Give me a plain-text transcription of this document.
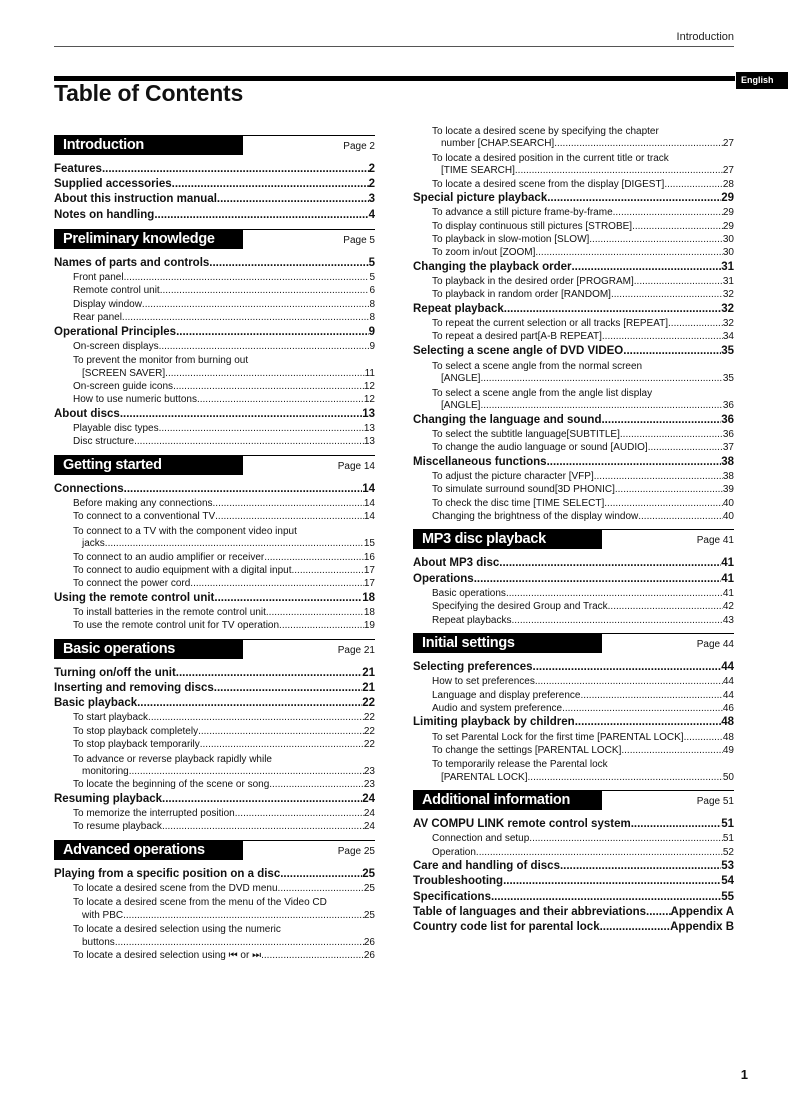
Introduction
English
Table of Contents
Introduction	Page 2
Features .....	2
Supplied accessories .....	2
About this instruction manual .....	3
Notes on handling .....	4
Preliminary knowledge	Page 5
Names of parts and controls .....	5
Front panel .....	5
Remote control unit .....	6
Display window .....	8
Rear panel .....	8
Operational Principles .....	9
On-screen displays .....	9
To prevent the monitor from burning out
[SCREEN SAVER] .....	11
On-screen guide icons .....	12
How to use numeric buttons .....	12
About discs .....	13
Playable disc types .....	13
Disc structure .....	13
Getting started	Page 14
Connections .....	14
Before making any connections .....	14
To connect to a conventional TV .....	14
To connect to a TV with the component video input
jacks .....	15
To connect to an audio amplifier or receiver .....	16
To connect to audio equipment with a digital input .....	17
To connect the power cord .....	17
Using the remote control unit .....	18
To install batteries in the remote control unit .....	18
To use the remote control unit for TV operation .....	19
Basic operations	Page 21
Turning on/off the unit .....	21
Inserting and removing discs .....	21
Basic playback .....	22
To start playback .....	22
To stop playback completely .....	22
To stop playback temporarily .....	22
To advance or reverse playback rapidly while
monitoring .....	23
To locate the beginning of the scene or song .....	23
Resuming playback .....	24
To memorize the interrupted position .....	24
To resume playback .....	24
Advanced operations	Page 25
Playing from a specific position on a disc .....	25
To locate a desired scene from the DVD menu .....	25
To locate a desired scene from the menu of the Video CD
with PBC .....	25
To locate a desired selection using the numeric
buttons .....	26
To locate a desired selection using ⏮ or ⏭ .....	26
To locate a desired scene by specifying the chapter
number [CHAP.SEARCH] .....	27
To locate a desired position in the current title or track
[TIME SEARCH] .....	27
To locate a desired scene from the display [DIGEST] .....	28
Special picture playback .....	29
To advance a still picture frame-by-frame .....	29
To display continuous still pictures [STROBE] .....	29
To playback in slow-motion [SLOW] .....	30
To zoom in/out [ZOOM] .....	30
Changing the playback order .....	31
To playback in the desired order [PROGRAM] .....	31
To playback in random order [RANDOM] .....	32
Repeat playback .....	32
To repeat the current selection or all tracks [REPEAT] .....	32
To repeat a desired part[A-B REPEAT] .....	34
Selecting a scene angle of DVD VIDEO .....	35
To select a scene angle from the normal screen
[ANGLE] .....	35
To select a scene angle from the angle list display
[ANGLE] .....	36
Changing the language and sound .....	36
To select the subtitle language[SUBTITLE] .....	36
To change the audio language or sound [AUDIO] .....	37
Miscellaneous functions .....	38
To adjust the picture character [VFP] .....	38
To simulate surround sound[3D PHONIC] .....	39
To check the disc time [TIME SELECT] .....	40
Changing the brightness of the display window .....	40
MP3 disc playback	Page 41
About MP3 disc .....	41
Operations .....	41
Basic operations .....	41
Specifying the desired Group and Track .....	42
Repeat playbacks .....	43
Initial settings	Page 44
Selecting preferences .....	44
How to set preferences .....	44
Language and display preference .....	44
Audio and system preference .....	46
Limiting playback by children .....	48
To set Parental Lock for the first time [PARENTAL LOCK] .....	48
To change the settings [PARENTAL LOCK] .....	49
To temporarily release the Parental lock
[PARENTAL LOCK] .....	50
Additional information	Page 51
AV COMPU LINK remote control system .....	51
Connection and setup .....	51
Operation .....	52
Care and handling of discs .....	53
Troubleshooting .....	54
Specifications .....	55
Table of languages and their abbreviations ..... Appendix A
Country code list for parental lock .....	Appendix B
1
